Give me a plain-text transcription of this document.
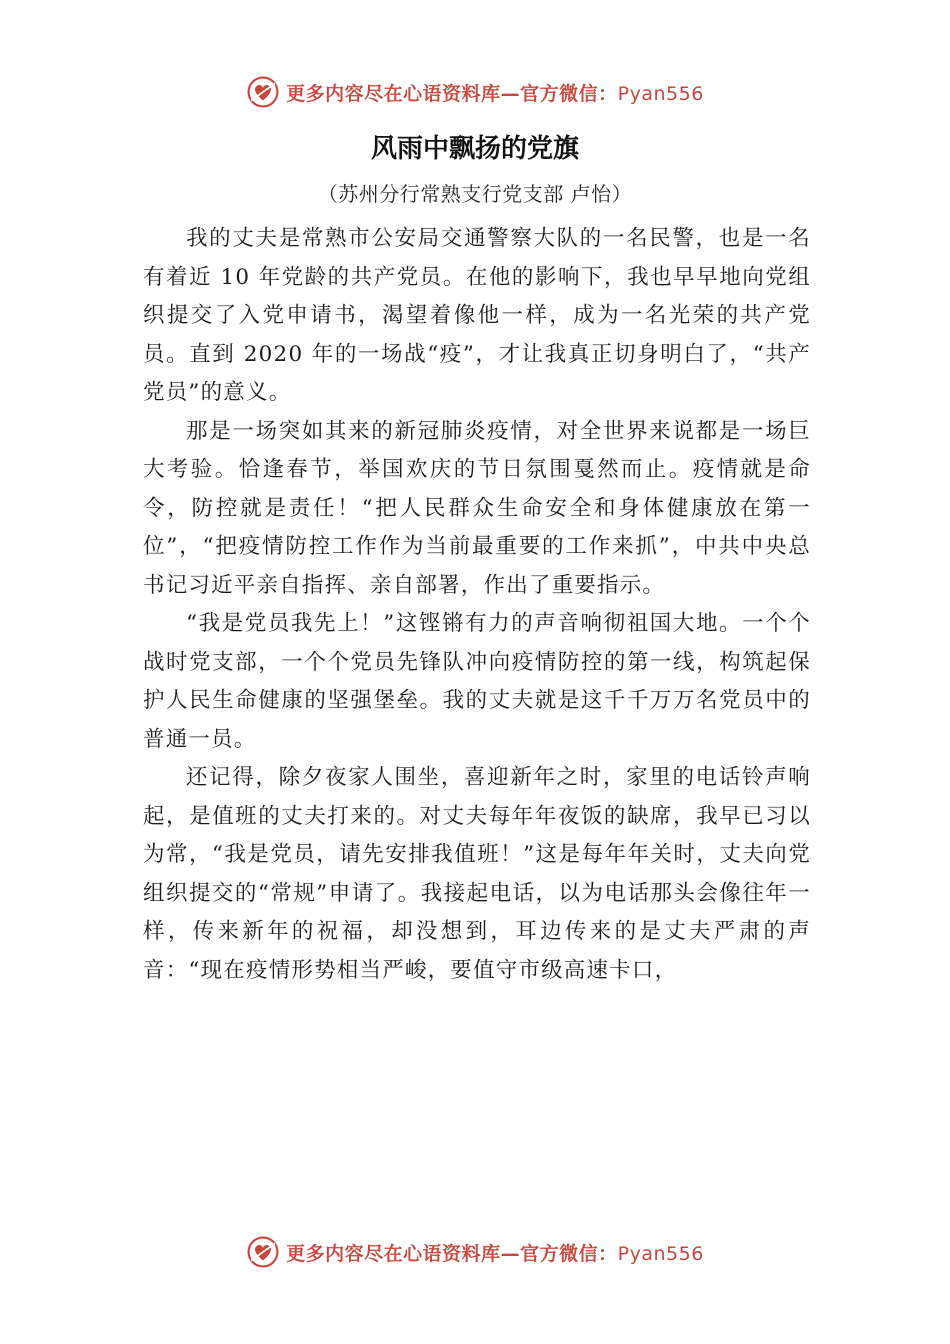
更多内容尽在心语资料库—官方微信：Pyan556
风雨中飘扬的党旗
（苏州分行常熟支行党支部 卢怡）

我的丈夫是常熟市公安局交通警察大队的一名民警，也是一名有着近 10 年党龄的共产党员。在他的影响下，我也早早地向党组织提交了入党申请书，渴望着像他一样，成为一名光荣的共产党员。直到 2020 年的一场战“疫”，才让我真正切身明白了，“共产党员”的意义。

那是一场突如其来的新冠肺炎疫情，对全世界来说都是一场巨大考验。恰逢春节，举国欢庆的节日氛围戛然而止。疫情就是命令，防控就是责任！“把人民群众生命安全和身体健康放在第一位”，“把疫情防控工作作为当前最重要的工作来抓”，中共中央总书记习近平亲自指挥、亲自部署，作出了重要指示。

“我是党员我先上！”这铿锵有力的声音响彻祖国大地。一个个战时党支部，一个个党员先锋队冲向疫情防控的第一线，构筑起保护人民生命健康的坚强堡垒。我的丈夫就是这千千万万名党员中的普通一员。

还记得，除夕夜家人围坐，喜迎新年之时，家里的电话铃声响起，是值班的丈夫打来的。对丈夫每年年夜饭的缺席，我早已习以为常，“我是党员，请先安排我值班！”这是每年年关时，丈夫向党组织提交的“常规”申请了。我接起电话，以为电话那头会像往年一样，传来新年的祝福，却没想到，耳边传来的是丈夫严肃的声音：“现在疫情形势相当严峻，要值守市级高速卡口，

更多内容尽在心语资料库—官方微信：Pyan556
